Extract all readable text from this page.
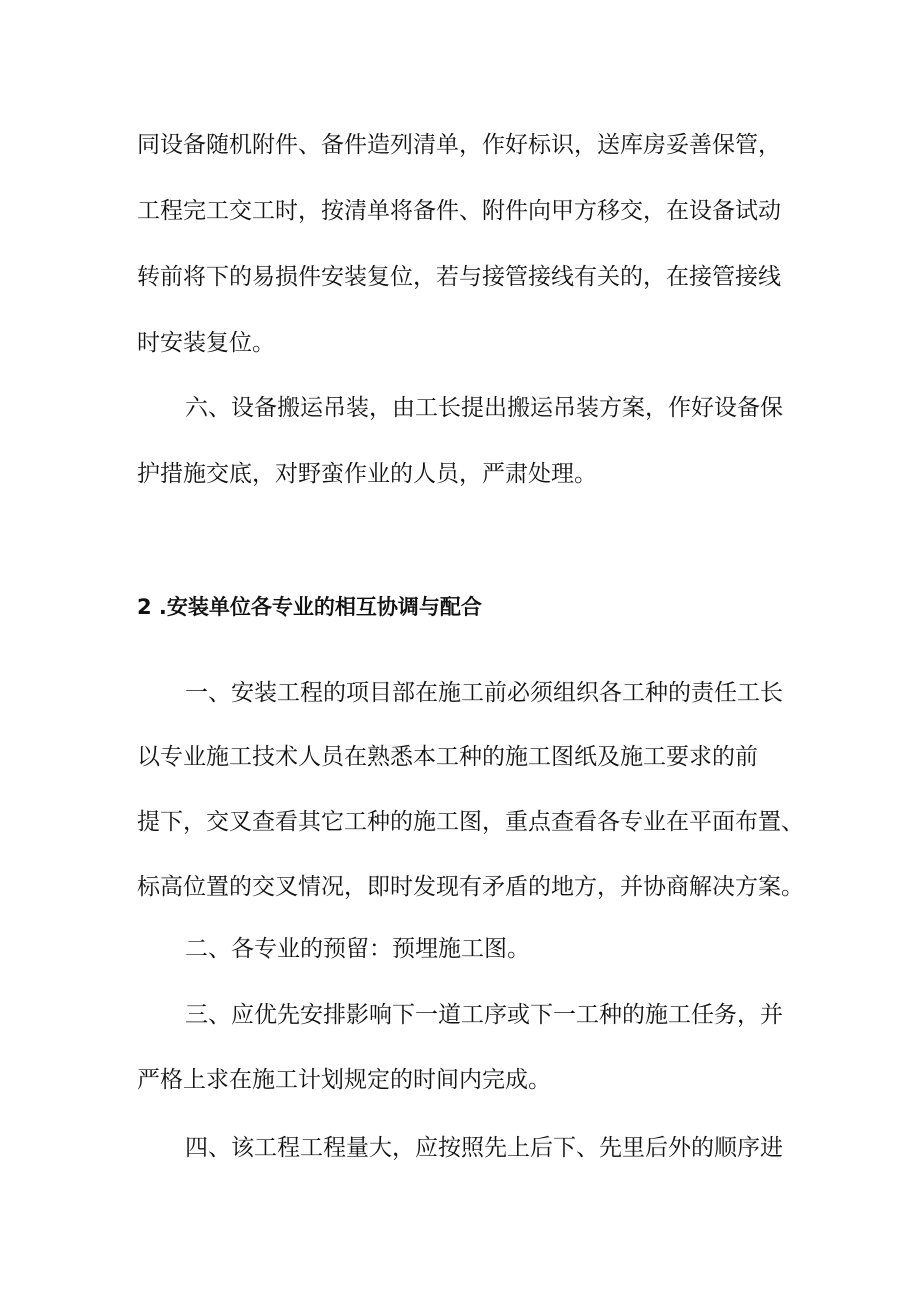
同设备随机附件、备件造列清单，作好标识，送库房妥善保管，
工程完工交工时，按清单将备件、附件向甲方移交，在设备试动
转前将下的易损件安装复位，若与接管接线有关的，在接管接线
时安装复位。
六、设备搬运吊装，由工长提出搬运吊装方案，作好设备保
护措施交底，对野蛮作业的人员，严肃处理。
2 .安装单位各专业的相互协调与配合
一、安装工程的项目部在施工前必须组织各工种的责任工长
以专业施工技术人员在熟悉本工种的施工图纸及施工要求的前
提下，交叉查看其它工种的施工图，重点查看各专业在平面布置、
标高位置的交叉情况，即时发现有矛盾的地方，并协商解决方案。
二、各专业的预留：预埋施工图。
三、应优先安排影响下一道工序或下一工种的施工任务，并
严格上求在施工计划规定的时间内完成。
四、该工程工程量大，应按照先上后下、先里后外的顺序进
